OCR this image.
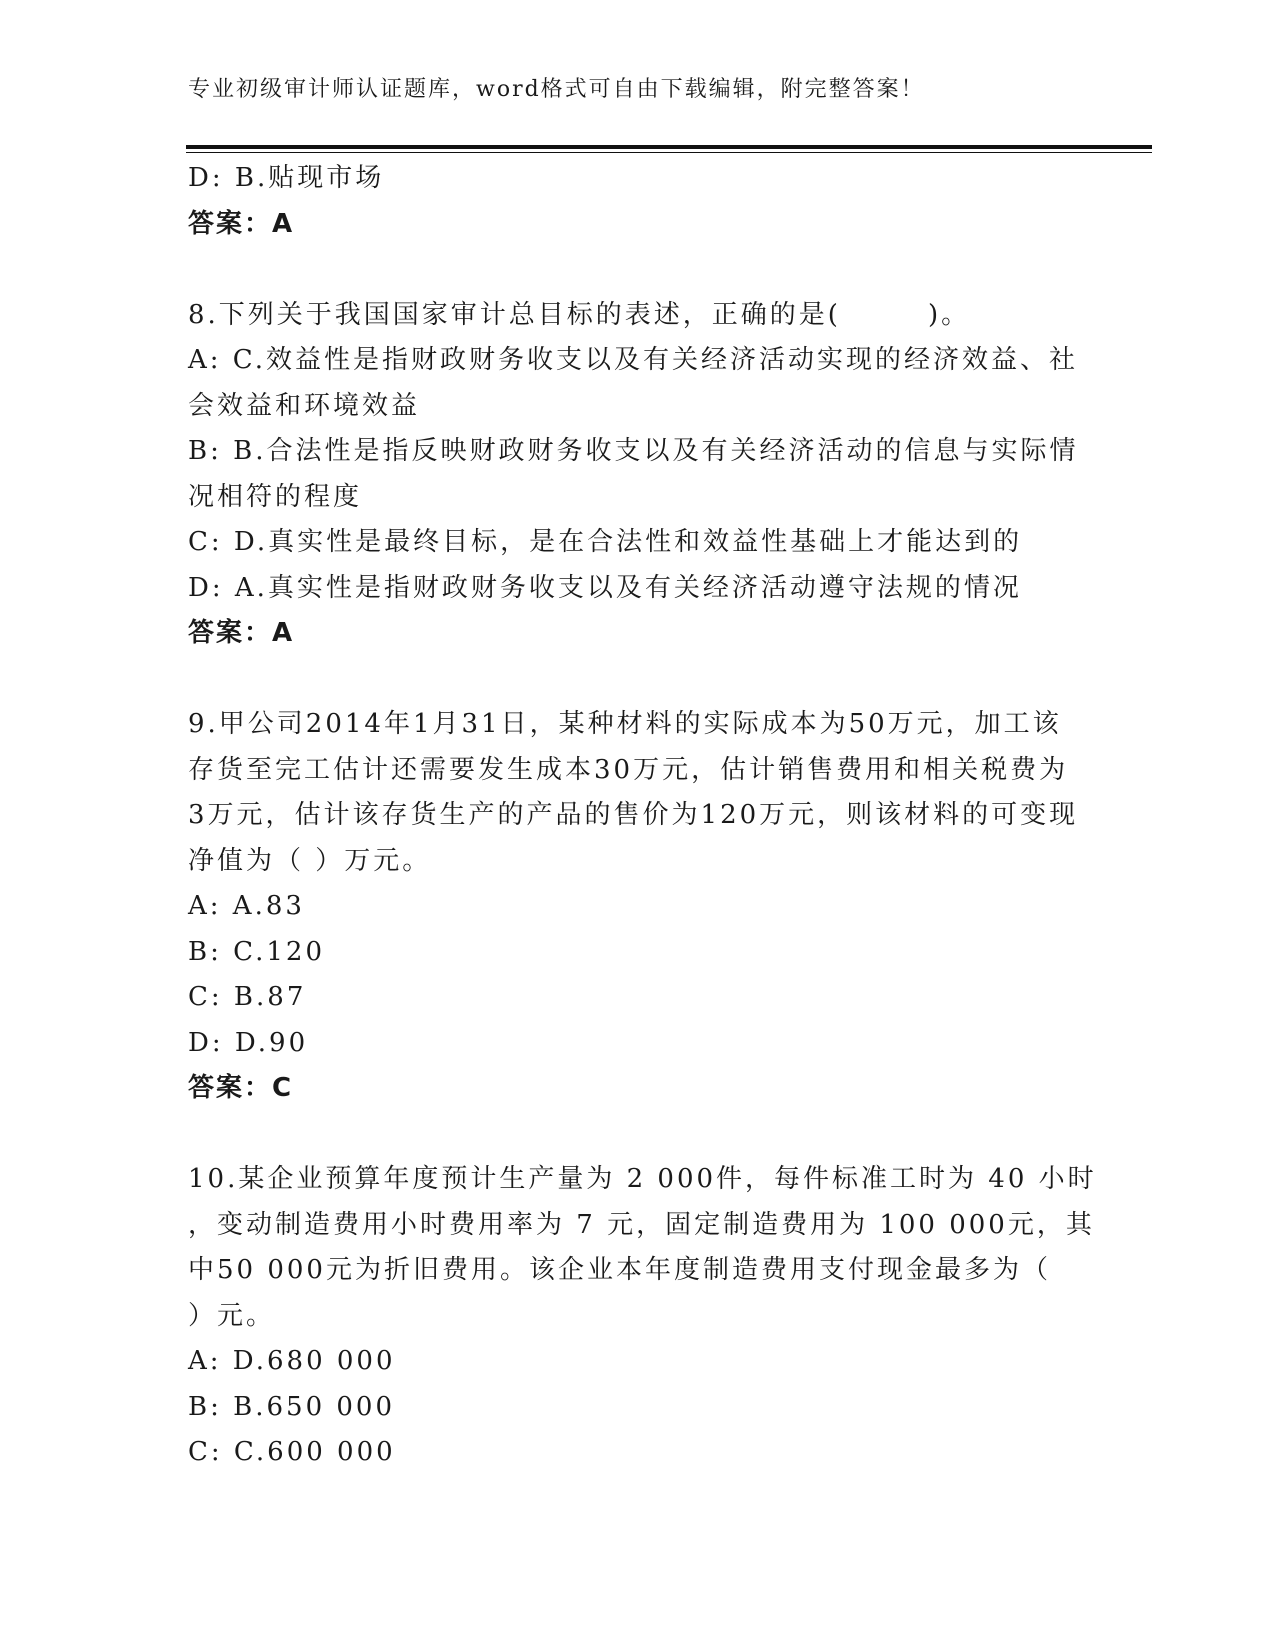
专业初级审计师认证题库，word格式可自由下载编辑，附完整答案！
D: B.贴现市场
答案：A
8.下列关于我国国家审计总目标的表述，正确的是(　　　)。
A: C.效益性是指财政财务收支以及有关经济活动实现的经济效益、社
会效益和环境效益
B: B.合法性是指反映财政财务收支以及有关经济活动的信息与实际情
况相符的程度
C: D.真实性是最终目标，是在合法性和效益性基础上才能达到的
D: A.真实性是指财政财务收支以及有关经济活动遵守法规的情况
答案：A
9.甲公司2014年1月31日，某种材料的实际成本为50万元，加工该
存货至完工估计还需要发生成本30万元，估计销售费用和相关税费为
3万元，估计该存货生产的产品的售价为120万元，则该材料的可变现
净值为（ ）万元。
A: A.83
B: C.120
C: B.87
D: D.90
答案：C
10.某企业预算年度预计生产量为 2 000件，每件标准工时为 40 小时
，变动制造费用小时费用率为 7 元，固定制造费用为 100 000元，其
中50 000元为折旧费用。该企业本年度制造费用支付现金最多为（
）元。
A: D.680 000
B: B.650 000
C: C.600 000
